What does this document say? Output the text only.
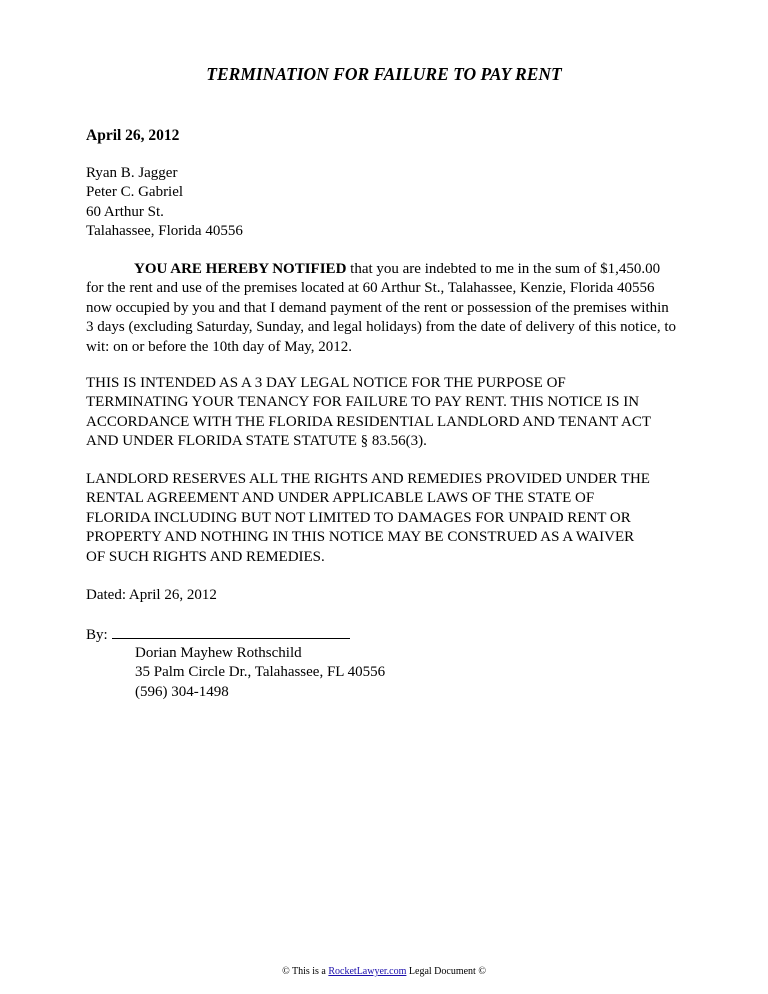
TERMINATION FOR FAILURE TO PAY RENT
April 26, 2012
Ryan B. Jagger
Peter C. Gabriel
60 Arthur St.
Talahassee, Florida 40556
YOU ARE HEREBY NOTIFIED that you are indebted to me in the sum of $1,450.00
for the rent and use of the premises located at 60 Arthur St., Talahassee, Kenzie, Florida 40556
now occupied by you and that I demand payment of the rent or possession of the premises within
3 days (excluding Saturday, Sunday, and legal holidays) from the date of delivery of this notice, to
wit: on or before the 10th day of May, 2012.
THIS IS INTENDED AS A 3 DAY LEGAL NOTICE FOR THE PURPOSE OF
TERMINATING YOUR TENANCY FOR FAILURE TO PAY RENT. THIS NOTICE IS IN
ACCORDANCE WITH THE FLORIDA RESIDENTIAL LANDLORD AND TENANT ACT
AND UNDER FLORIDA STATE STATUTE § 83.56(3).
LANDLORD RESERVES ALL THE RIGHTS AND REMEDIES PROVIDED UNDER THE
RENTAL AGREEMENT AND UNDER APPLICABLE LAWS OF THE STATE OF
FLORIDA INCLUDING BUT NOT LIMITED TO DAMAGES FOR UNPAID RENT OR
PROPERTY AND NOTHING IN THIS NOTICE MAY BE CONSTRUED AS A WAIVER
OF SUCH RIGHTS AND REMEDIES.
Dated: April 26, 2012
By:
Dorian Mayhew Rothschild
35 Palm Circle Dr., Talahassee, FL 40556
(596) 304-1498
© This is a RocketLawyer.com Legal Document ©
